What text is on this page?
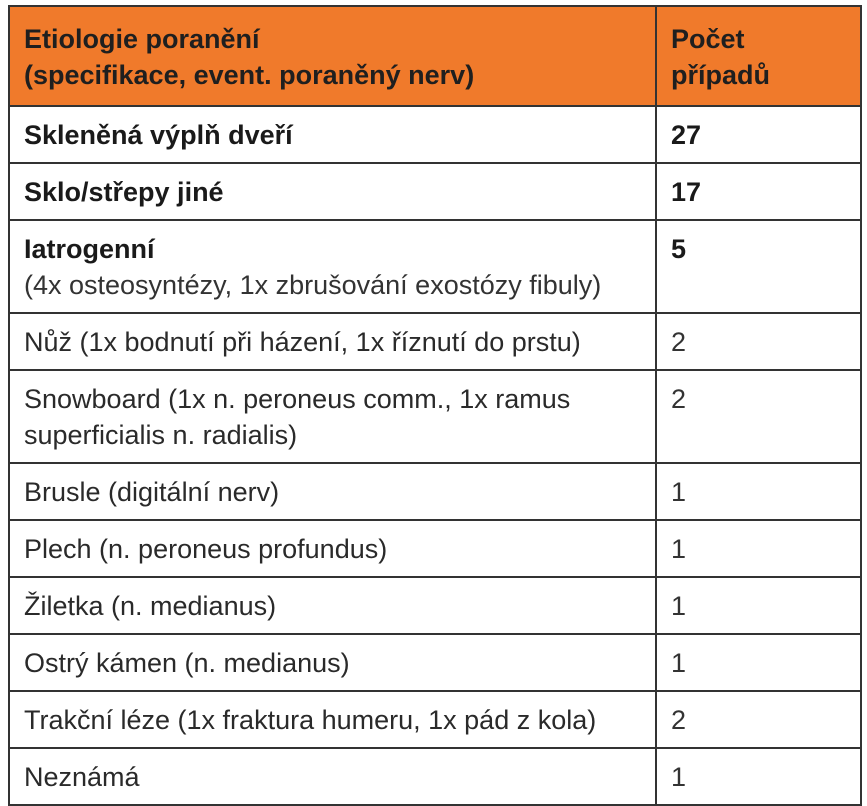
Etiologie poranění
(specifikace, event. poraněný nerv)	Počet případů
Skleněná výplň dveří	27
Sklo/střepy jiné	17
Iatrogenní
(4x osteosyntézy, 1x zbrušování exostózy fibuly)	5
Nůž (1x bodnutí při házení, 1x říznutí do prstu)	2
Snowboard (1x n. peroneus comm., 1x ramus superficialis n. radialis)	2
Brusle (digitální nerv)	1
Plech (n. peroneus profundus)	1
Žiletka (n. medianus)	1
Ostrý kámen (n. medianus)	1
Trakční léze (1x fraktura humeru, 1x pád z kola)	2
Neznámá	1
